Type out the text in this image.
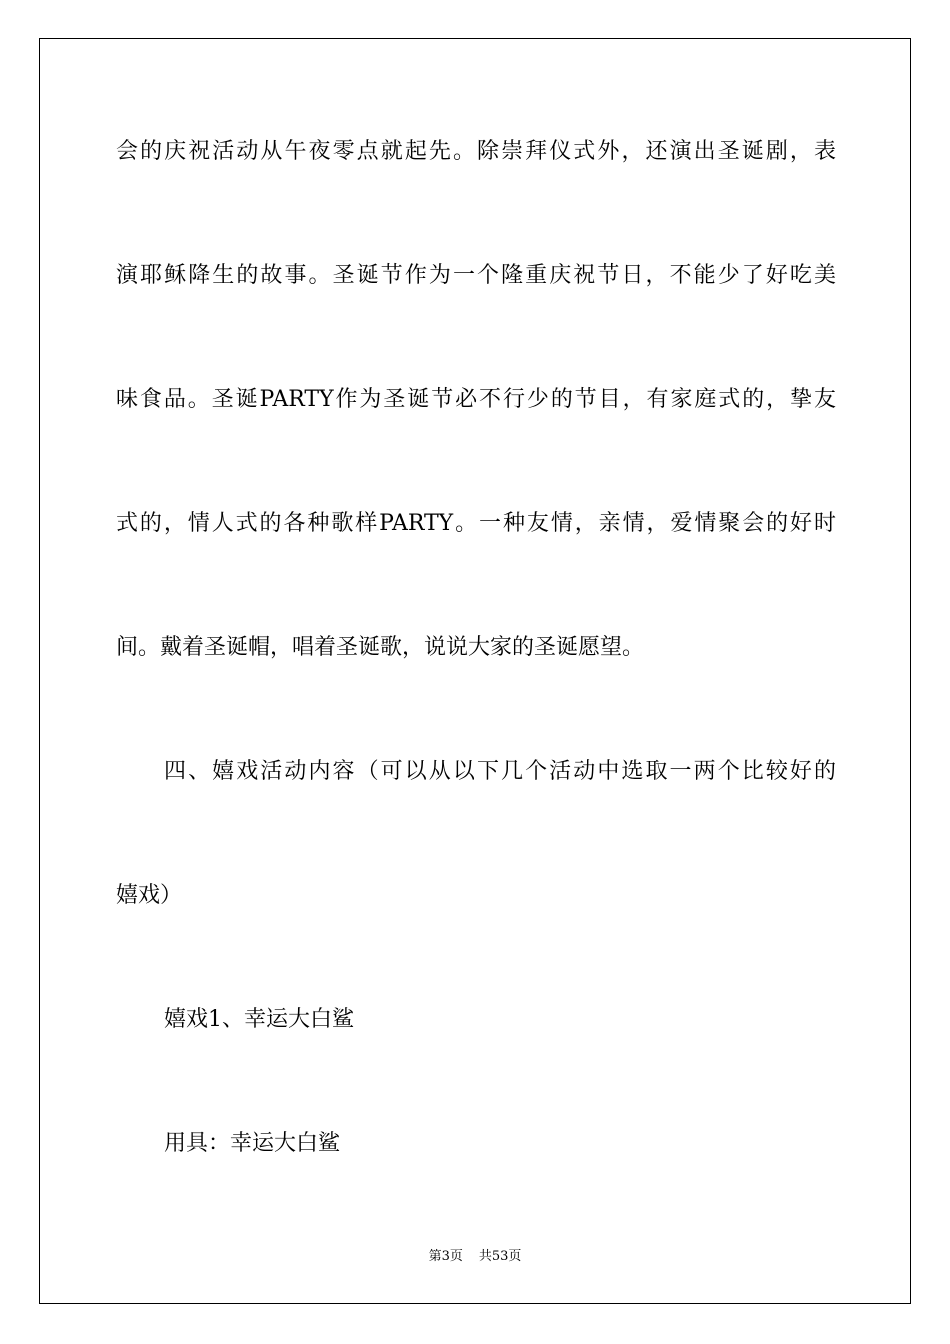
会的庆祝活动从午夜零点就起先。除崇拜仪式外，还演出圣诞剧，表
演耶稣降生的故事。圣诞节作为一个隆重庆祝节日，不能少了好吃美
味食品。圣诞PARTY作为圣诞节必不行少的节目，有家庭式的，挚友
式的，情人式的各种歌样PARTY。一种友情，亲情，爱情聚会的好时
间。戴着圣诞帽，唱着圣诞歌，说说大家的圣诞愿望。
四、嬉戏活动内容（可以从以下几个活动中选取一两个比较好的
嬉戏）
嬉戏1、幸运大白鲨
用具：幸运大白鲨
第3页 共53页
